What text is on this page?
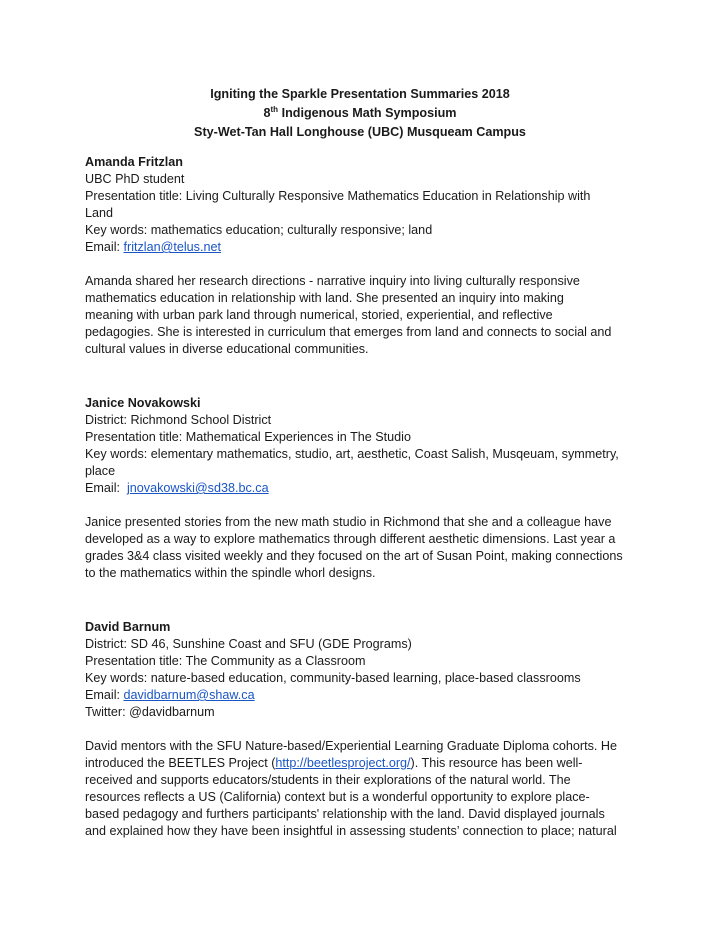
Igniting the Sparkle Presentation Summaries 2018
8th Indigenous Math Symposium
Sty-Wet-Tan Hall Longhouse (UBC) Musqueam Campus
Amanda Fritzlan
UBC PhD student
Presentation title: Living Culturally Responsive Mathematics Education in Relationship with
Land
Key words: mathematics education; culturally responsive; land
Email: fritzlan@telus.net
Amanda shared her research directions - narrative inquiry into living culturally responsive
mathematics education in relationship with land. She presented an inquiry into making
meaning with urban park land through numerical, storied, experiential, and reflective
pedagogies. She is interested in curriculum that emerges from land and connects to social and
cultural values in diverse educational communities.
Janice Novakowski
District: Richmond School District
Presentation title: Mathematical Experiences in The Studio
Key words: elementary mathematics, studio, art, aesthetic, Coast Salish, Musqeuam, symmetry,
place
Email:  jnovakowski@sd38.bc.ca
Janice presented stories from the new math studio in Richmond that she and a colleague have
developed as a way to explore mathematics through different aesthetic dimensions. Last year a
grades 3&4 class visited weekly and they focused on the art of Susan Point, making connections
to the mathematics within the spindle whorl designs.
David Barnum
District: SD 46, Sunshine Coast and SFU (GDE Programs)
Presentation title: The Community as a Classroom
Key words: nature-based education, community-based learning, place-based classrooms
Email: davidbarnum@shaw.ca
Twitter: @davidbarnum
David mentors with the SFU Nature-based/Experiential Learning Graduate Diploma cohorts. He
introduced the BEETLES Project (http://beetlesproject.org/). This resource has been well-
received and supports educators/students in their explorations of the natural world. The
resources reflects a US (California) context but is a wonderful opportunity to explore place-
based pedagogy and furthers participants' relationship with the land. David displayed journals
and explained how they have been insightful in assessing students’ connection to place; natural
